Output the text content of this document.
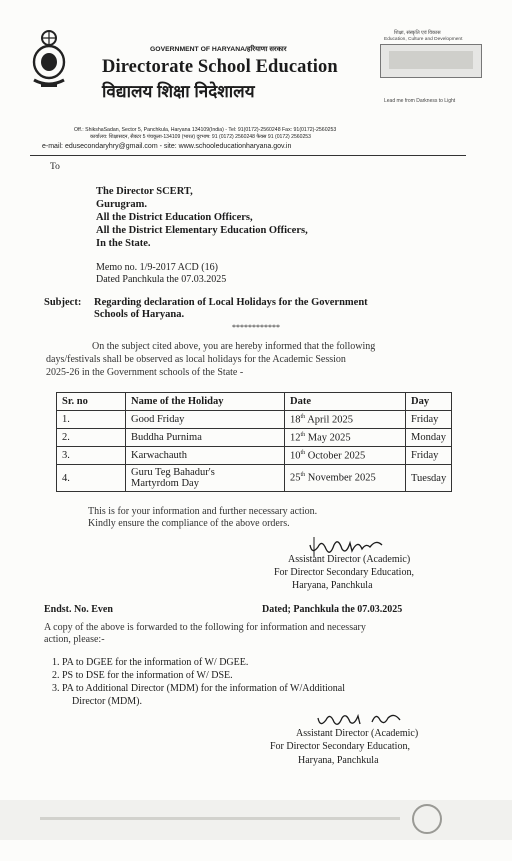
GOVERNMENT OF HARYANA/हरियाणा सरकार
Directorate School Education
विद्यालय शिक्षा निदेशालय
शिक्षा, संस्कृति एवं विकास
Education, Culture and Development
Lead me from Darkness to Light
Off.: ShikshaSadan, Sector 5, Panchkula, Haryana 134109(India) - Tel: 91(0172)-2560248 Fax: 91(0172)-2560253
कार्यालय: शिक्षासदन, सैक्टर 5 पंचकूला-134109 (भारत) दूरभाष: 91 (0172) 2560248 फैक्स 91 (0172) 2560253
e-mail: edusecondaryhry@gmail.com - site: www.schooleducationharyana.gov.in
To
The Director SCERT,
Gurugram.
All the District Education Officers,
All the District Elementary Education Officers,
In the State.
Memo no. 1/9-2017 ACD (16)
Dated Panchkula the 07.03.2025
Subject: Regarding declaration of Local Holidays for the Government
Schools of Haryana.
************
On the subject cited above, you are hereby informed that the following
days/festivals shall be observed as local holidays for the Academic Session
2025-26 in the Government schools of the State -
Sr. no	Name of the Holiday	Date	Day
1.	Good Friday	18th April 2025	Friday
2.	Buddha Purnima	12th May 2025	Monday
3.	Karwachauth	10th October 2025	Friday
4.	Guru Teg Bahadur's
Martyrdom Day	25th November 2025	Tuesday
This is for your information and further necessary action.
Kindly ensure the compliance of the above orders.
Assistant Director (Academic)
For Director Secondary Education,
Haryana, Panchkula
Endst. No. Even	Dated; Panchkula the 07.03.2025
A copy of the above is forwarded to the following for information and necessary
action, please:-
1. PA to DGEE for the information of W/ DGEE.
2. PS to DSE for the information of W/ DSE.
3. PA to Additional Director (MDM) for the information of W/Additional
Director (MDM).
Assistant Director (Academic)
For Director Secondary Education,
Haryana, Panchkula
